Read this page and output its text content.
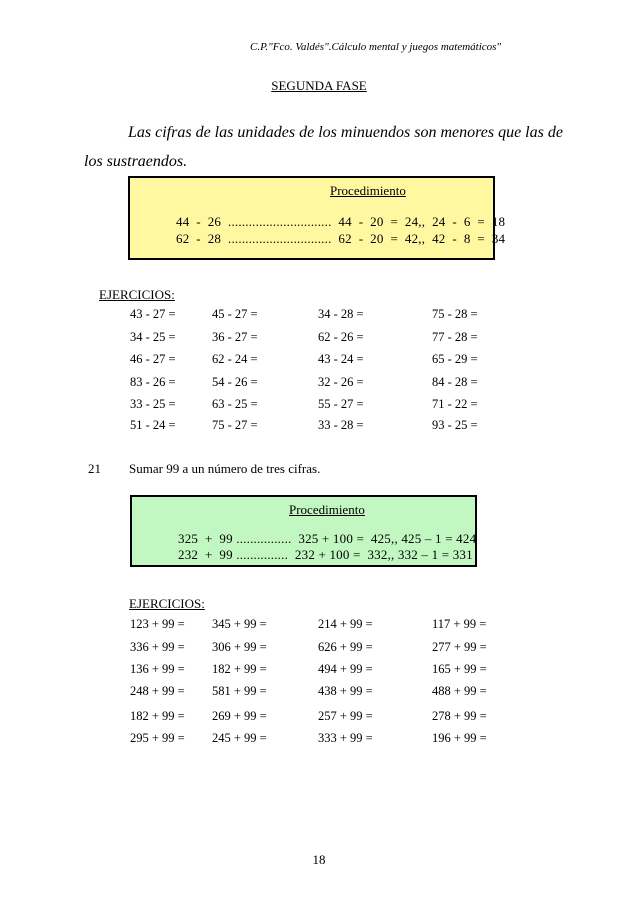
C.P."Fco. Valdés".Cálculo mental y juegos matemáticos"
SEGUNDA FASE
Las cifras de las unidades de los minuendos son menores que las de
los sustraendos.
Procedimiento
44  -  26  ..............................  44  -  20  =  24,,  24  -  6  =  18
62  -  28  ..............................  62  -  20  =  42,,  42  -  8  =  34
EJERCICIOS:
43 - 27 =	45 - 27 =	34 - 28 =	75 - 28 =
34 - 25 =	36 - 27 =	62 - 26 =	77 - 28 =
46 - 27 =	62 - 24 =	43 - 24 =	65 - 29 =
83 - 26 =	54 - 26 =	32 - 26 =	84 - 28 =
33 - 25 =	63 - 25 =	55 - 27 =	71 - 22 =
51 - 24 =	75 - 27 =	33 - 28 =	93 - 25 =
21 Sumar 99 a un número de tres cifras.
Procedimiento
325  +  99 ................  325 + 100 =  425,, 425 – 1 = 424
232  +  99 ...............  232 + 100 =  332,, 332 – 1 = 331
EJERCICIOS:
123 + 99 = 345 + 99 =	214 + 99 =	117 + 99 =
336 + 99 = 306 + 99 =	626 + 99 =	277 + 99 =
136 + 99 = 182 + 99 =	494 + 99 =	165 + 99 =
248 + 99 = 581 + 99 =	438 + 99 =	488 + 99 =
182 + 99 = 269 + 99 =	257 + 99 =	278 + 99 =
295 + 99 = 245 + 99 =	333 + 99 =	196 + 99 =
18
